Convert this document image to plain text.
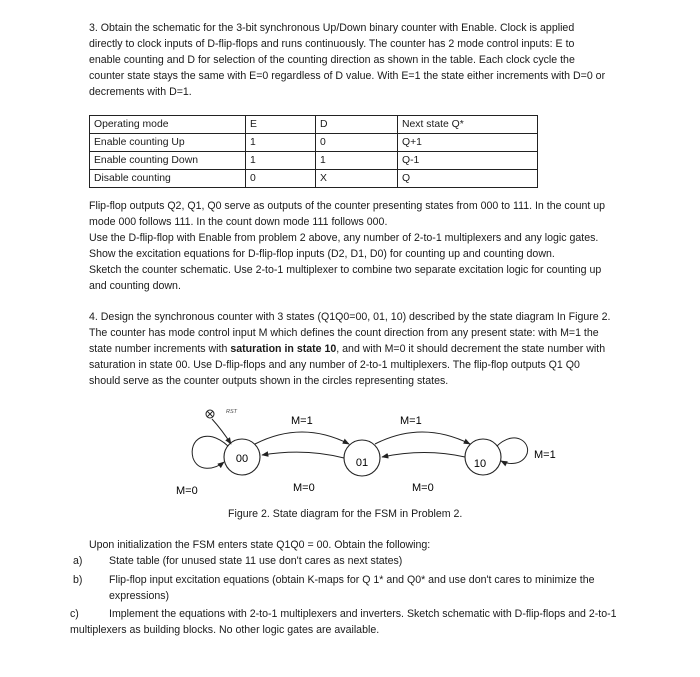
3. Obtain the schematic for the 3-bit synchronous Up/Down binary counter with Enable. Clock is applied

directly to clock inputs of D-flip-flops and runs continuously. The counter has 2 mode control inputs: E to

enable counting and D for selection of the counting direction as shown in the table. Each clock cycle the

counter state stays the same with E=0 regardless of D value. With E=1 the state either increments with D=0 or

decrements with D=1.

Operating mode	E	D	Next state Q*
Enable counting Up	1	0	Q+1
Enable counting Down	1	1	Q-1
Disable counting	0	X	Q

Flip-flop outputs Q2, Q1, Q0 serve as outputs of the counter presenting states from 000 to 111. In the count up

mode 000 follows 111. In the count down mode 111 follows 000.

Use the D-flip-flop with Enable from problem 2 above, any number of 2-to-1 multiplexers and any logic gates.

Show the excitation equations for D-flip-flop inputs (D2, D1, D0) for counting up and counting down.

Sketch the counter schematic. Use 2-to-1 multiplexer to combine two separate excitation logic for counting up

and counting down.

4. Design the synchronous counter with 3 states (Q1Q0=00, 01, 10) described by the state diagram In Figure 2.

The counter has mode control input M which defines the count direction from any present state: with M=1 the

state number increments with saturation in state 10, and with M=0 it should decrement the state number with

saturation in state 00. Use D-flip-flops and any number of 2-to-1 multiplexers. The flip-flop outputs Q1 Q0

should serve as the counter outputs shown in the circles representing states.

RST
00	01	10
M=1	M=1
M=1
M=0	M=0	M=0

Figure 2. State diagram for the FSM in Problem 2.

Upon initialization the FSM enters state Q1Q0 = 00. Obtain the following:

a)	State table (for unused state 11 use don't cares as next states)
b)	Flip-flop input excitation equations (obtain K-maps for Q 1* and Q0* and use don't cares to minimize the
expressions)

c)	Implement the equations with 2-to-1 multiplexers and inverters. Sketch schematic with D-flip-flops and 2-to-1

multiplexers as building blocks. No other logic gates are available.
